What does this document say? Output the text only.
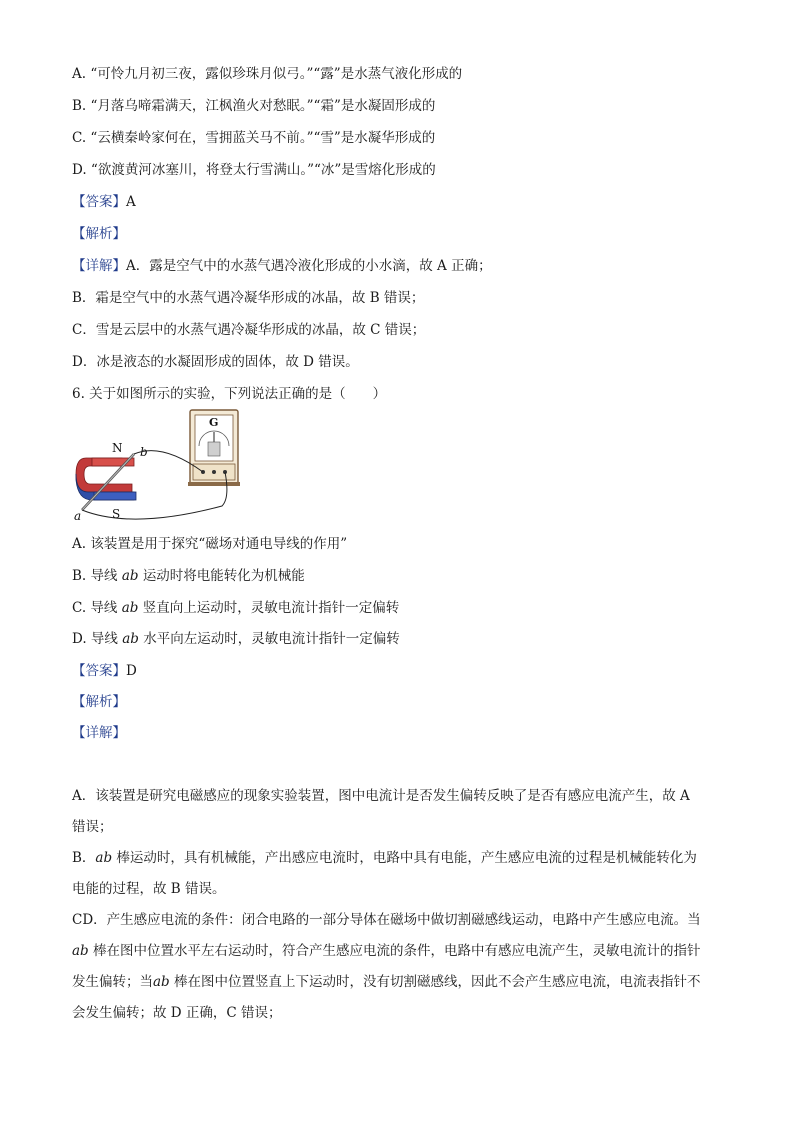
A. “可怜九月初三夜，露似珍珠月似弓。”“露”是水蒸气液化形成的
B. “月落乌啼霜满天，江枫渔火对愁眠。”“霜”是水凝固形成的
C. “云横秦岭家何在，雪拥蓝关马不前。”“雪”是水凝华形成的
D. “欲渡黄河冰塞川，将登太行雪满山。”“冰”是雪熔化形成的
【答案】A
【解析】
【详解】A．露是空气中的水蒸气遇冷液化形成的小水滴，故 A 正确；
B．霜是空气中的水蒸气遇冷凝华形成的冰晶，故 B 错误；
C．雪是云层中的水蒸气遇冷凝华形成的冰晶，故 C 错误；
D．冰是液态的水凝固形成的固体，故 D 错误。
6. 关于如图所示的实验，下列说法正确的是（　　）
G
N
S
a
b
A. 该装置是用于探究“磁场对通电导线的作用”
B. 导线 ab 运动时将电能转化为机械能
C. 导线 ab 竖直向上运动时，灵敏电流计指针一定偏转
D. 导线 ab 水平向左运动时，灵敏电流计指针一定偏转
【答案】D
【解析】
【详解】
A．该装置是研究电磁感应的现象实验装置，图中电流计是否发生偏转反映了是否有感应电流产生，故 A
错误；
B．ab 棒运动时，具有机械能，产出感应电流时，电路中具有电能，产生感应电流的过程是机械能转化为
电能的过程，故 B 错误。
CD．产生感应电流的条件：闭合电路的一部分导体在磁场中做切割磁感线运动，电路中产生感应电流。当
ab 棒在图中位置水平左右运动时，符合产生感应电流的条件，电路中有感应电流产生，灵敏电流计的指针
发生偏转；当ab 棒在图中位置竖直上下运动时，没有切割磁感线，因此不会产生感应电流，电流表指针不
会发生偏转；故 D 正确，C 错误；
